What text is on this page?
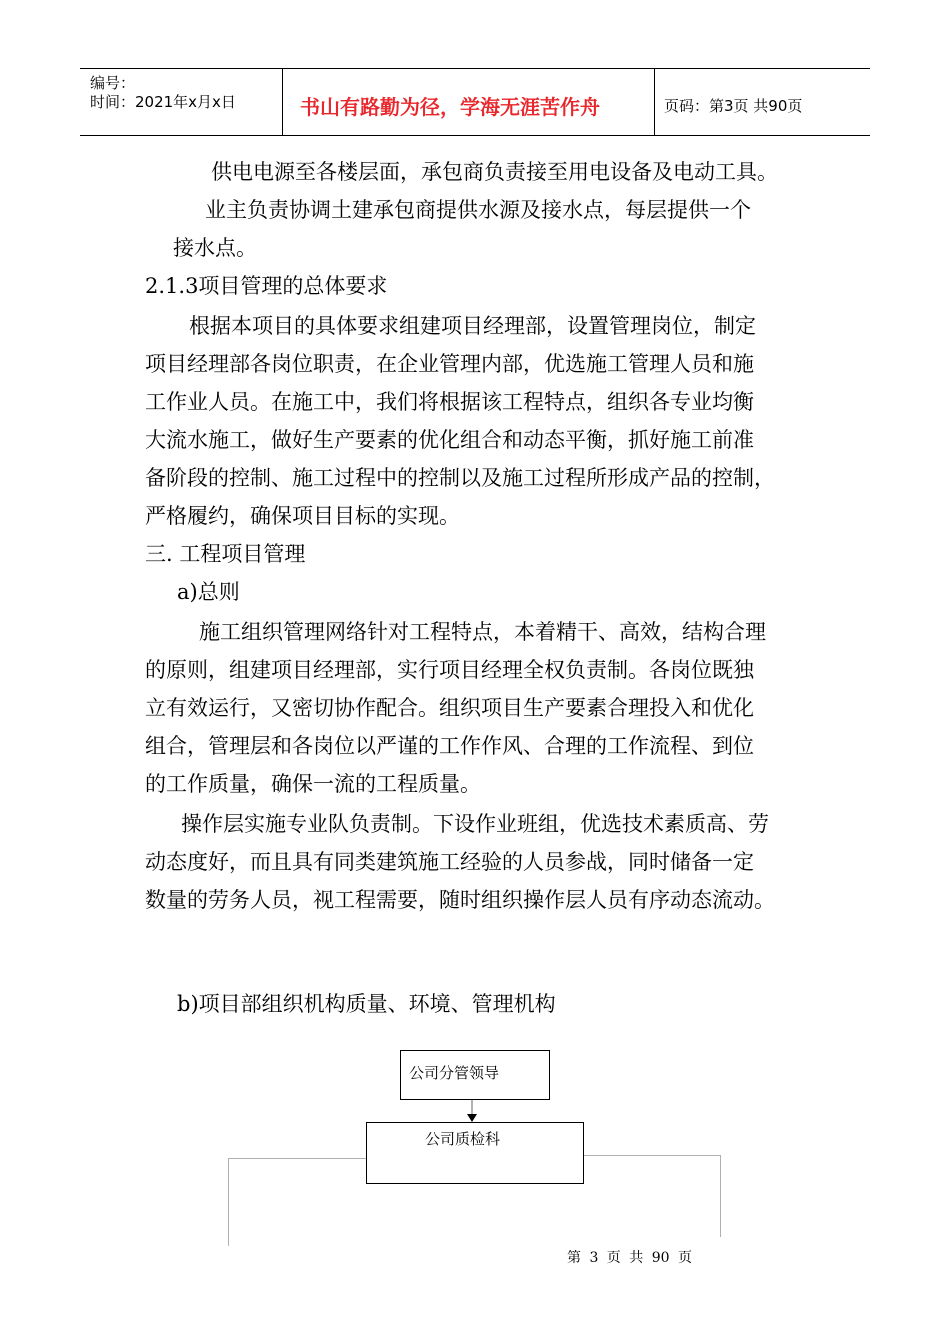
编号：
时间：2021年x月x日	书山有路勤为径，学海无涯苦作舟	页码：第3页 共90页
供电电源至各楼层面，承包商负责接至用电设备及电动工具。
业主负责协调土建承包商提供水源及接水点，每层提供一个
接水点。
2.1.3项目管理的总体要求
根据本项目的具体要求组建项目经理部，设置管理岗位，制定
项目经理部各岗位职责，在企业管理内部，优选施工管理人员和施
工作业人员。在施工中，我们将根据该工程特点，组织各专业均衡
大流水施工，做好生产要素的优化组合和动态平衡，抓好施工前准
备阶段的控制、施工过程中的控制以及施工过程所形成产品的控制，
严格履约，确保项目目标的实现。
三. 工程项目管理
a)总则
施工组织管理网络针对工程特点，本着精干、高效，结构合理
的原则，组建项目经理部，实行项目经理全权负责制。各岗位既独
立有效运行，又密切协作配合。组织项目生产要素合理投入和优化
组合，管理层和各岗位以严谨的工作作风、合理的工作流程、到位
的工作质量，确保一流的工程质量。
操作层实施专业队负责制。下设作业班组，优选技术素质高、劳
动态度好，而且具有同类建筑施工经验的人员参战，同时储备一定
数量的劳务人员，视工程需要，随时组织操作层人员有序动态流动。
b)项目部组织机构质量、环境、管理机构
公司分管领导
公司质检科
第 3 页 共 90 页
